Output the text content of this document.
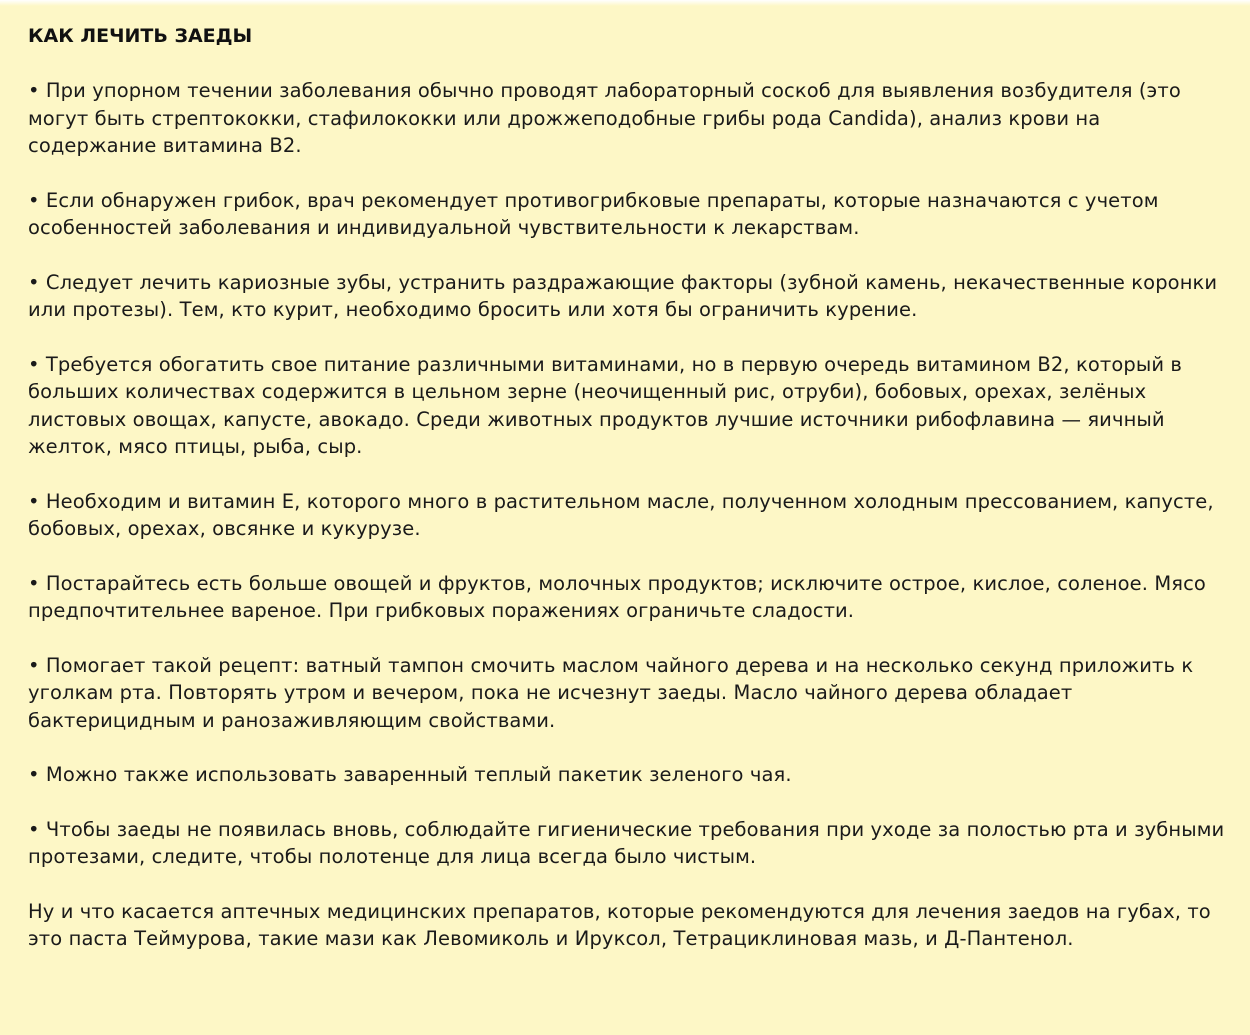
КАК ЛЕЧИТЬ ЗАЕДЫ

• При упорном течении заболевания обычно проводят лабораторный соскоб для выявления возбудителя (это могут быть стрептококки, стафилококки или дрожжеподобные грибы рода Candida), анализ крови на содержание витамина В2.

• Если обнаружен грибок, врач рекомендует противогрибковые препараты, которые назначаются с учетом особенностей заболевания и индивидуальной чувствительности к лекарствам.

• Следует лечить кариозные зубы, устранить раздражающие факторы (зубной камень, некачественные коронки или протезы). Тем, кто курит, необходимо бросить или хотя бы ограничить курение.

• Требуется обогатить свое питание различными витаминами, но в первую очередь витамином В2, который в больших количествах содержится в цельном зерне (неочищенный рис, отруби), бобовых, орехах, зелёных листовых овощах, капусте, авокадо. Среди животных продуктов лучшие источники рибофлавина — яичный желток, мясо птицы, рыба, сыр.

• Необходим и витамин Е, которого много в растительном масле, полученном холодным прессованием, капусте, бобовых, орехах, овсянке и кукурузе.

• Постарайтесь есть больше овощей и фруктов, молочных продуктов; исключите острое, кислое, соленое. Мясо предпочтительнее вареное. При грибковых поражениях ограничьте сладости.

• Помогает такой рецепт: ватный тампон смочить маслом чайного дерева и на несколько секунд приложить к уголкам рта. Повторять утром и вечером, пока не исчезнут заеды. Масло чайного дерева обладает бактерицидным и ранозаживляющим свойствами.

• Можно также использовать заваренный теплый пакетик зеленого чая.

• Чтобы заеды не появилась вновь, соблюдайте гигиенические требования при уходе за полостью рта и зубными протезами, следите, чтобы полотенце для лица всегда было чистым.

Ну и что касается аптечных медицинских препаратов, которые рекомендуются для лечения заедов на губах, то это паста Теймурова, такие мази как Левомиколь и Ируксол, Тетрациклиновая мазь, и Д-Пантенол.
